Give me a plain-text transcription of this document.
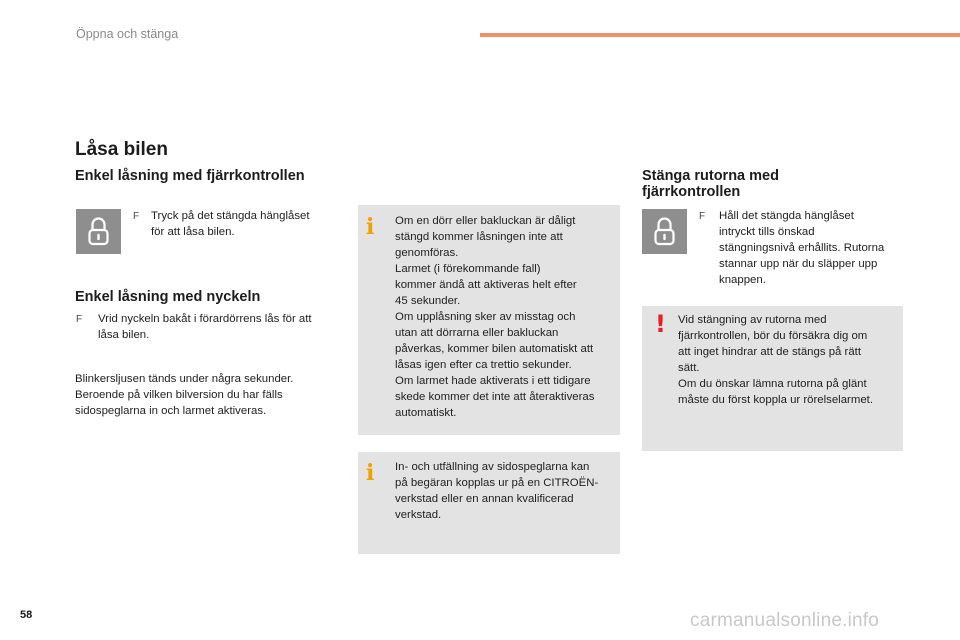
Öppna och stänga
Låsa bilen
Enkel låsning med fjärrkontrollen
F Tryck på det stängda hänglåset
för att låsa bilen.
Enkel låsning med nyckeln
F Vrid nyckeln bakåt i förardörrens lås för att
låsa bilen.
Blinkersljusen tänds under några sekunder.
Beroende på vilken bilversion du har fälls
sidospeglarna in och larmet aktiveras.
i Om en dörr eller bakluckan är dåligt
stängd kommer låsningen inte att
genomföras.
Larmet (i förekommande fall)
kommer ändå att aktiveras helt efter
45 sekunder.
Om upplåsning sker av misstag och
utan att dörrarna eller bakluckan
påverkas, kommer bilen automatiskt att
låsas igen efter ca trettio sekunder.
Om larmet hade aktiverats i ett tidigare
skede kommer det inte att återaktiveras
automatiskt.
i In- och utfällning av sidospeglarna kan
på begäran kopplas ur på en CITROËN-
verkstad eller en annan kvalificerad
verkstad.
Stänga rutorna med
fjärrkontrollen
F Håll det stängda hänglåset
intryckt tills önskad
stängningsnivå erhållits. Rutorna
stannar upp när du släpper upp
knappen.
! Vid stängning av rutorna med
fjärrkontrollen, bör du försäkra dig om
att inget hindrar att de stängs på rätt
sätt.
Om du önskar lämna rutorna på glänt
måste du först koppla ur rörelselarmet.
58	carmanualsonline.info
